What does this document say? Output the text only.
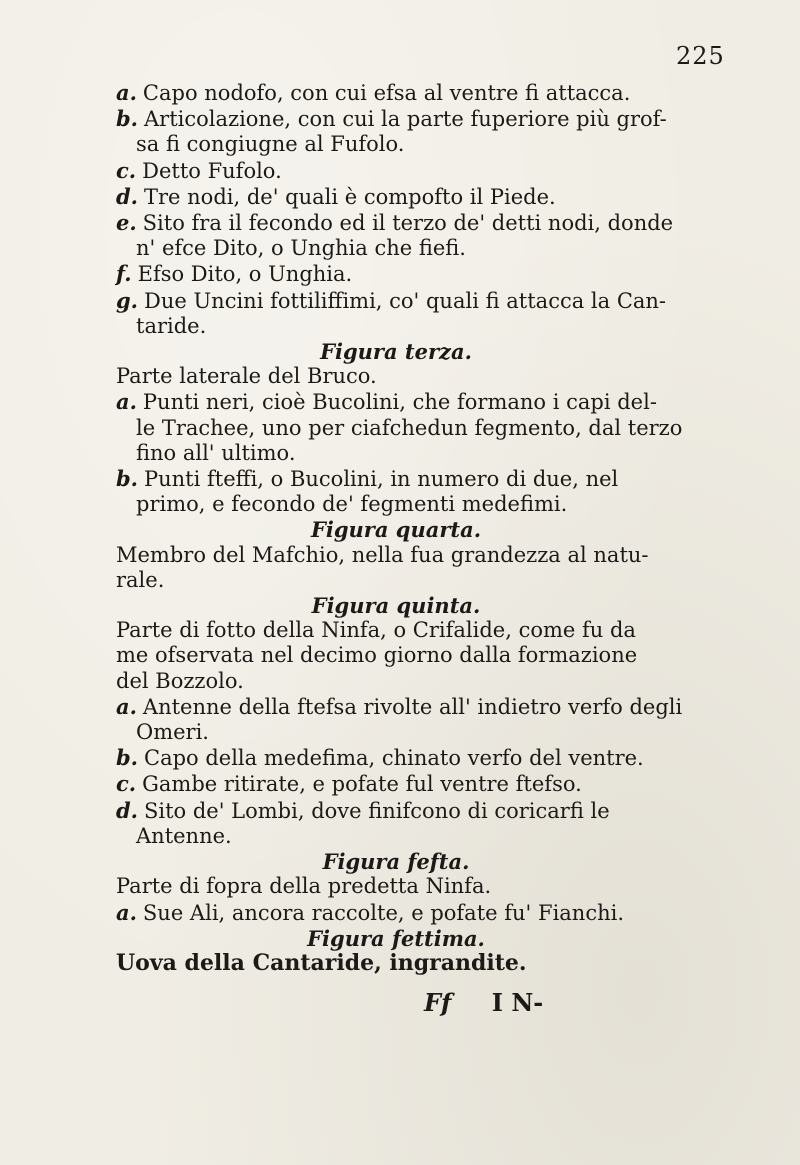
225
a. Capo nodofo, con cui efsa al ventre fi attacca.
b. Articolazione, con cui la parte fuperiore più grof-
sa fi congiugne al Fufolo.
c. Detto Fufolo.
d. Tre nodi, de' quali è compofto il Piede.
e. Sito fra il fecondo ed il terzo de' detti nodi, donde
n' efce Dito, o Unghia che fiefi.
f. Efso Dito, o Unghia.
g. Due Uncini fottiliffimi, co' quali fi attacca la Can-
taride.
Figura terza.
Parte laterale del Bruco.
a. Punti neri, cioè Bucolini, che formano i capi del-
le Trachee, uno per ciafchedun fegmento, dal terzo
fino all' ultimo.
b. Punti fteffi, o Bucolini, in numero di due, nel
primo, e fecondo de' fegmenti medefimi.
Figura quarta.
Membro del Mafchio, nella fua grandezza al natu-
rale.
Figura quinta.
Parte di fotto della Ninfa, o Crifalide, come fu da
me ofservata nel decimo giorno dalla formazione
del Bozzolo.
a. Antenne della ftefsa rivolte all' indietro verfo degli
Omeri.
b. Capo della medefima, chinato verfo del ventre.
c. Gambe ritirate, e pofate ful ventre ftefso.
d. Sito de' Lombi, dove finifcono di coricarfi le
Antenne.
Figura fefta.
Parte di fopra della predetta Ninfa.
a. Sue Ali, ancora raccolte, e pofate fu' Fianchi.
Figura fettima.
Uova della Cantaride, ingrandite.
Ff I N-
